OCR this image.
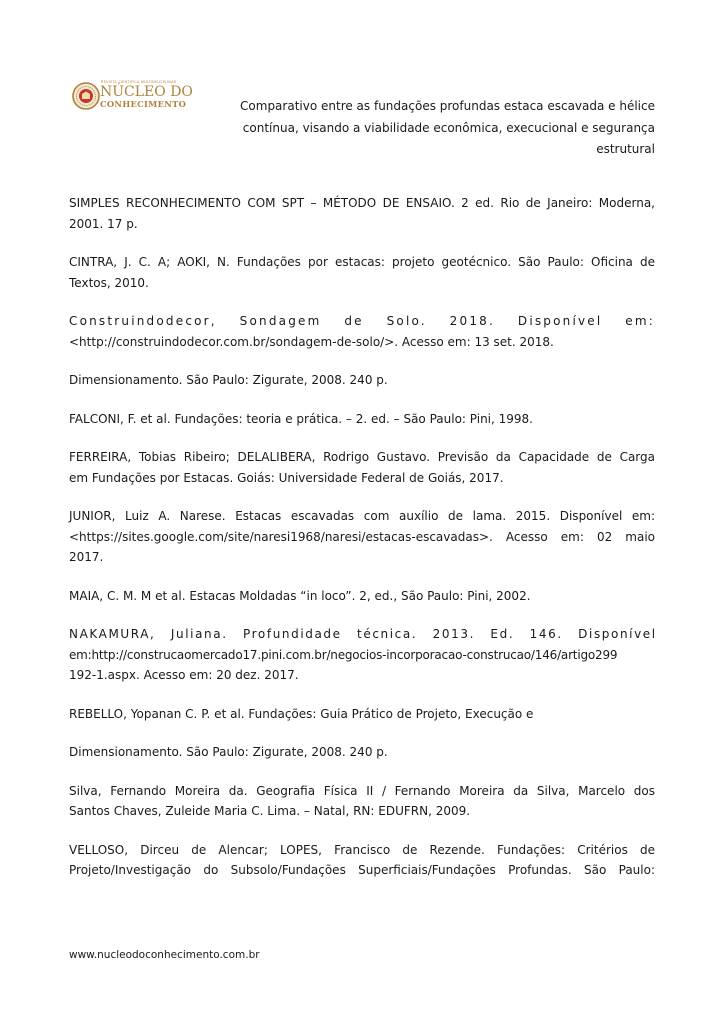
REVISTA CIENTÍFICA MULTIDISCIPLINAR
NÚCLEO DO
CONHECIMENTO	Comparativo entre as fundações profundas estaca escavada e hélice
contínua, visando a viabilidade econômica, execucional e segurança
estrutural
SIMPLES RECONHECIMENTO COM SPT – MÉTODO DE ENSAIO. 2 ed. Rio de Janeiro: Moderna,
2001. 17 p.
CINTRA, J. C. A; AOKI, N. Fundações por estacas: projeto geotécnico. São Paulo: Oficina de
Textos, 2010.
Construindodecor, Sondagem de Solo. 2018. Disponível em:
<http://construindodecor.com.br/sondagem-de-solo/>. Acesso em: 13 set. 2018.
Dimensionamento. São Paulo: Zigurate, 2008. 240 p.
FALCONI, F. et al. Fundações: teoria e prática. – 2. ed. – São Paulo: Pini, 1998.
FERREIRA, Tobias Ribeiro; DELALIBERA, Rodrigo Gustavo. Previsão da Capacidade de Carga
em Fundações por Estacas. Goiás: Universidade Federal de Goiás, 2017.
JUNIOR, Luiz A. Narese. Estacas escavadas com auxílio de lama. 2015. Disponível em:
<https://sites.google.com/site/naresi1968/naresi/estacas-escavadas>. Acesso em: 02 maio
2017.
MAIA, C. M. M et al. Estacas Moldadas “in loco”. 2, ed., São Paulo: Pini, 2002.
NAKAMURA, Juliana. Profundidade técnica. 2013. Ed. 146. Disponível
em:http://construcaomercado17.pini.com.br/negocios-incorporacao-construcao/146/artigo299
192-1.aspx. Acesso em: 20 dez. 2017.
REBELLO, Yopanan C. P. et al. Fundações: Guia Prático de Projeto, Execução e
Dimensionamento. São Paulo: Zigurate, 2008. 240 p.
Silva, Fernando Moreira da. Geografia Física II / Fernando Moreira da Silva, Marcelo dos
Santos Chaves, Zuleide Maria C. Lima. – Natal, RN: EDUFRN, 2009.
VELLOSO, Dirceu de Alencar; LOPES, Francisco de Rezende. Fundações: Critérios de
Projeto/Investigação do Subsolo/Fundações Superficiais/Fundações Profundas. São Paulo:
www.nucleodoconhecimento.com.br
